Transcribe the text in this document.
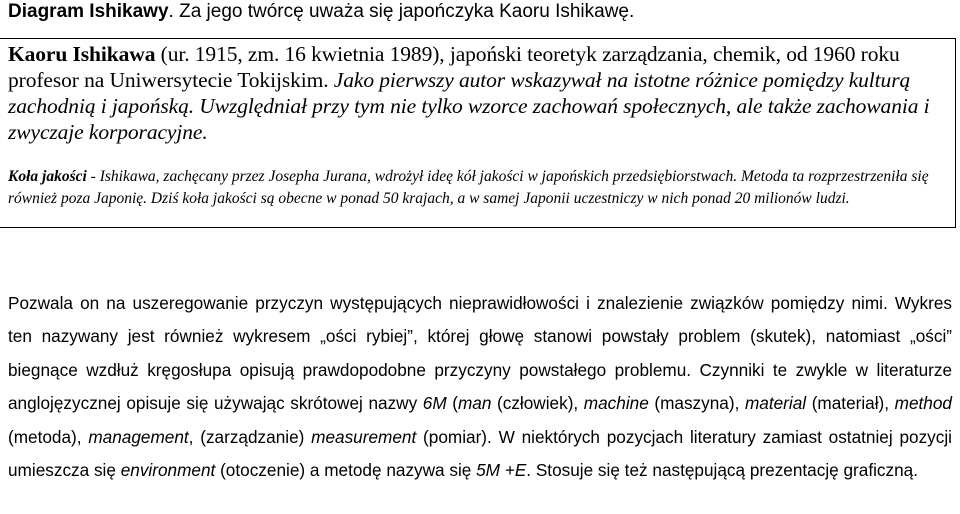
Diagram Ishikawy. Za jego twórcę uważa się japończyka Kaoru Ishikawę.
Kaoru Ishikawa (ur. 1915, zm. 16 kwietnia 1989), japoński teoretyk zarządzania, chemik, od 1960 roku profesor na Uniwersytecie Tokijskim. Jako pierwszy autor wskazywał na istotne różnice pomiędzy kulturą zachodnią i japońską. Uwzględniał przy tym nie tylko wzorce zachowań społecznych, ale także zachowania i zwyczaje korporacyjne.
Koła jakości - Ishikawa, zachęcany przez Josepha Jurana, wdrożył ideę kół jakości w japońskich przedsiębiorstwach. Metoda ta rozprzestrzeniła się również poza Japonię. Dziś koła jakości są obecne w ponad 50 krajach, a w samej Japonii uczestniczy w nich ponad 20 milionów ludzi.
Pozwala on na uszeregowanie przyczyn występujących nieprawidłowości i znalezienie związków pomiędzy nimi. Wykres ten nazywany jest również wykresem „ości rybiej”, której głowę stanowi powstały problem (skutek), natomiast „ości” biegnące wzdłuż kręgosłupa opisują prawdopodobne przyczyny powstałego problemu. Czynniki te zwykle w literaturze anglojęzycznej opisuje się używając skrótowej nazwy 6M (man (człowiek), machine (maszyna), material (materiał), method (metoda), management, (zarządzanie) measurement (pomiar). W niektórych pozycjach literatury zamiast ostatniej pozycji umieszcza się environment (otoczenie) a metodę nazywa się 5M +E. Stosuje się też następującą prezentację graficzną.
